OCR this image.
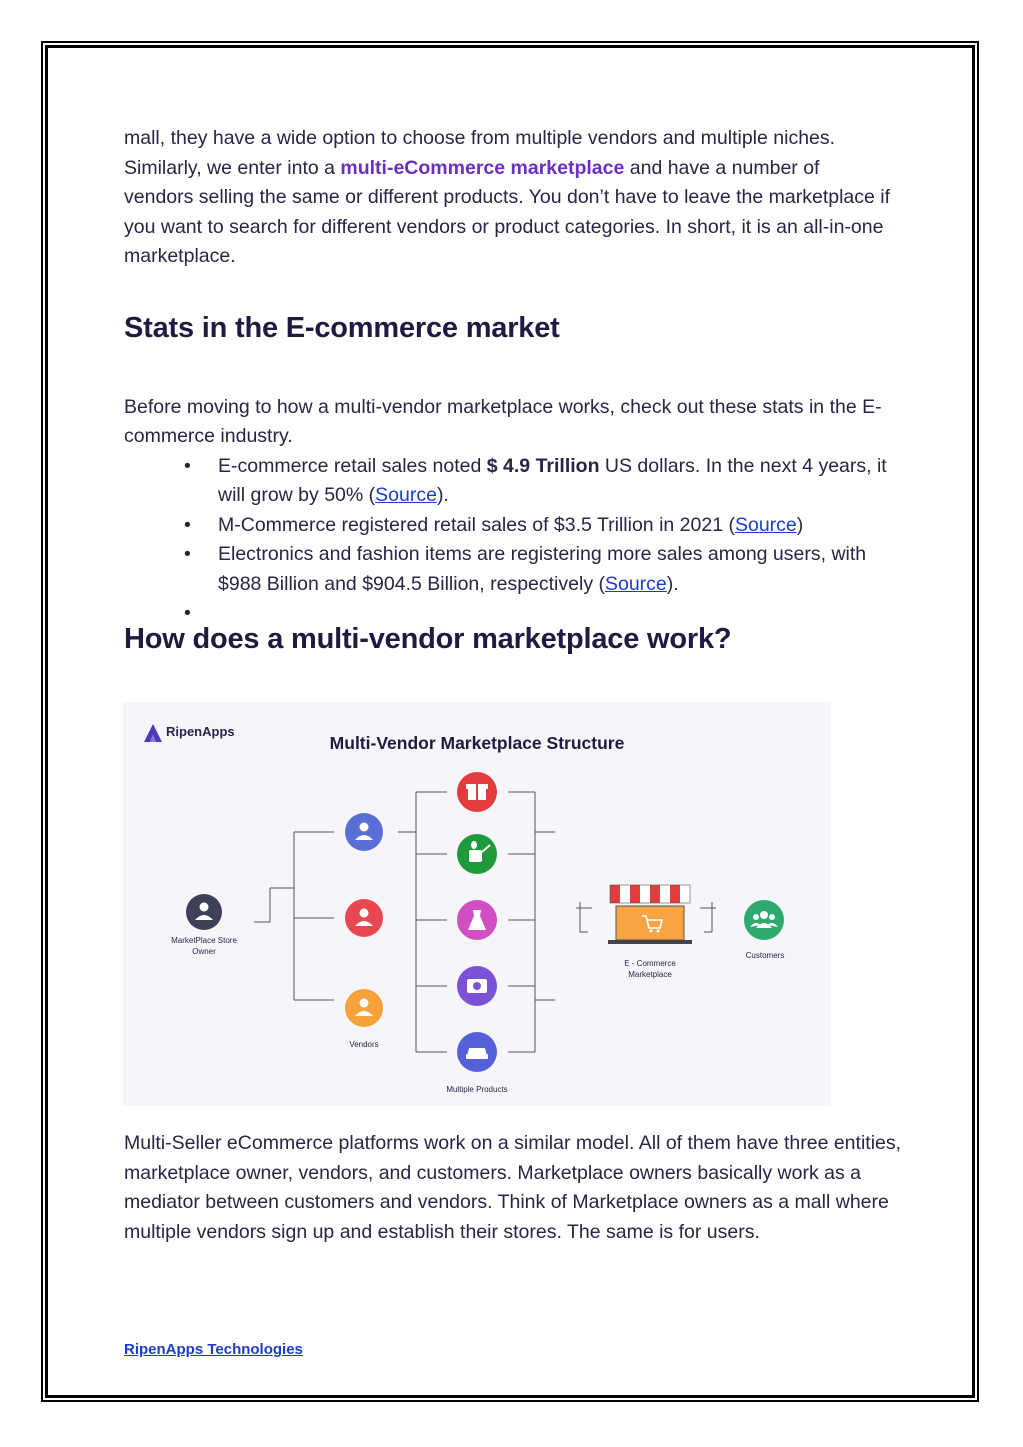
mall, they have a wide option to choose from multiple vendors and multiple niches. Similarly, we enter into a multi-eCommerce marketplace and have a number of vendors selling the same or different products. You don’t have to leave the marketplace if you want to search for different vendors or product categories. In short, it is an all-in-one marketplace.

Stats in the E-commerce market

Before moving to how a multi-vendor marketplace works, check out these stats in the E-commerce industry.

• E-commerce retail sales noted $ 4.9 Trillion US dollars. In the next 4 years, it will grow by 50% (Source).
• M-Commerce registered retail sales of $3.5 Trillion in 2021 (Source)
• Electronics and fashion items are registering more sales among users, with $988 Billion and $904.5 Billion, respectively (Source).
•

How does a multi-vendor marketplace work?
RipenApps
Multi-Vendor Marketplace Structure
MarketPlace Store
Owner
Vendors
Multiple Products
E - Commerce
Marketplace
Customers

Multi-Seller eCommerce platforms work on a similar model. All of them have three entities, marketplace owner, vendors, and customers. Marketplace owners basically work as a mediator between customers and vendors. Think of Marketplace owners as a mall where multiple vendors sign up and establish their stores. The same is for users.

RipenApps Technologies
